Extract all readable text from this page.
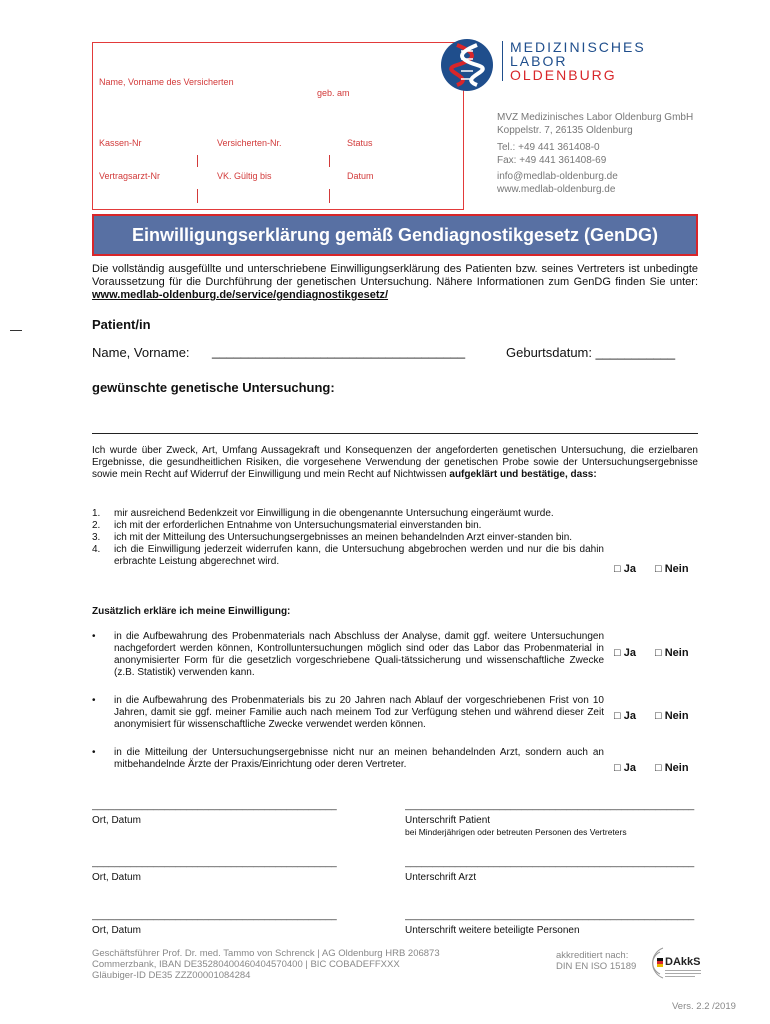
Name, Vorname des Versicherten
geb. am
Kassen-Nr	Versicherten-Nr.	Status
Vertragsarzt-Nr	VK. Gültig bis	Datum
MEDIZINISCHES
LABOR
OLDENBURG
MVZ Medizinisches Labor Oldenburg GmbH
Koppelstr. 7, 26135 Oldenburg
Tel.: +49 441 361408-0
Fax: +49 441 361408-69
info@medlab-oldenburg.de
www.medlab-oldenburg.de
Einwilligungserklärung gemäß Gendiagnostikgesetz (GenDG)
Die vollständig ausgefüllte und unterschriebene Einwilligungserklärung des Patienten bzw. seines Vertreters ist unbedingte Voraussetzung für die Durchführung der genetischen Untersuchung. Nähere Informationen zum GenDG finden Sie unter: www.medlab-oldenburg.de/service/gendiagnostikgesetz/
Patient/in
Name, Vorname: ___________________________________	Geburtsdatum: ___________
gewünschte genetische Untersuchung:
Ich wurde über Zweck, Art, Umfang Aussagekraft und Konsequenzen der angeforderten genetischen Untersuchung, die erzielbaren Ergebnisse, die gesundheitlichen Risiken, die vorgesehene Verwendung der genetischen Probe sowie der Untersuchungsergebnisse sowie mein Recht auf Widerruf der Einwilligung und mein Recht auf Nichtwissen aufgeklärt und bestätige, dass:
1.	mir ausreichend Bedenkzeit vor Einwilligung in die obengenannte Untersuchung eingeräumt wurde.
2.	ich mit der erforderlichen Entnahme von Untersuchungsmaterial einverstanden bin.
3.	ich mit der Mitteilung des Untersuchungsergebnisses an meinen behandelnden Arzt einver-standen bin.
4.	ich die Einwilligung jederzeit widerrufen kann, die Untersuchung abgebrochen werden und nur die bis dahin erbrachte Leistung abgerechnet wird.
□ Ja □ Nein
Zusätzlich erkläre ich meine Einwilligung:
•	in die Aufbewahrung des Probenmaterials nach Abschluss der Analyse, damit ggf. weitere Untersuchungen nachgefordert werden können, Kontrolluntersuchungen möglich sind oder das Labor das Probenmaterial in anonymisierter Form für die gesetzlich vorgeschriebene Quali-tätssicherung und wissenschaftliche Zwecke (z.B. Statistik) verwenden kann.
□ Ja □ Nein
•	in die Aufbewahrung des Probenmaterials bis zu 20 Jahren nach Ablauf der vorgeschriebenen Frist von 10 Jahren, damit sie ggf. meiner Familie auch nach meinem Tod zur Verfügung stehen und während dieser Zeit anonymisiert für wissenschaftliche Zwecke verwendet werden können.
□ Ja □ Nein
•	in die Mitteilung der Untersuchungsergebnisse nicht nur an meinen behandelnden Arzt, sondern auch an mitbehandelnde Ärzte der Praxis/Einrichtung oder deren Vertreter.	□ Ja □ Nein
____________________________________________	____________________________________________________
Ort, Datum	Unterschrift Patient
bei Minderjährigen oder betreuten Personen des Vertreters
____________________________________________	____________________________________________________
Ort, Datum	Unterschrift Arzt
____________________________________________	____________________________________________________
Ort, Datum	Unterschrift weitere beteiligte Personen
Geschäftsführer Prof. Dr. med. Tammo von Schrenck | AG Oldenburg HRB 206873
Commerzbank, IBAN DE35280400460404570400 | BIC COBADEFFXXX
Gläubiger-ID DE35 ZZZ00001084284
akkreditiert nach:
DIN EN ISO 15189	DAkkS
Vers. 2.2 /2019
